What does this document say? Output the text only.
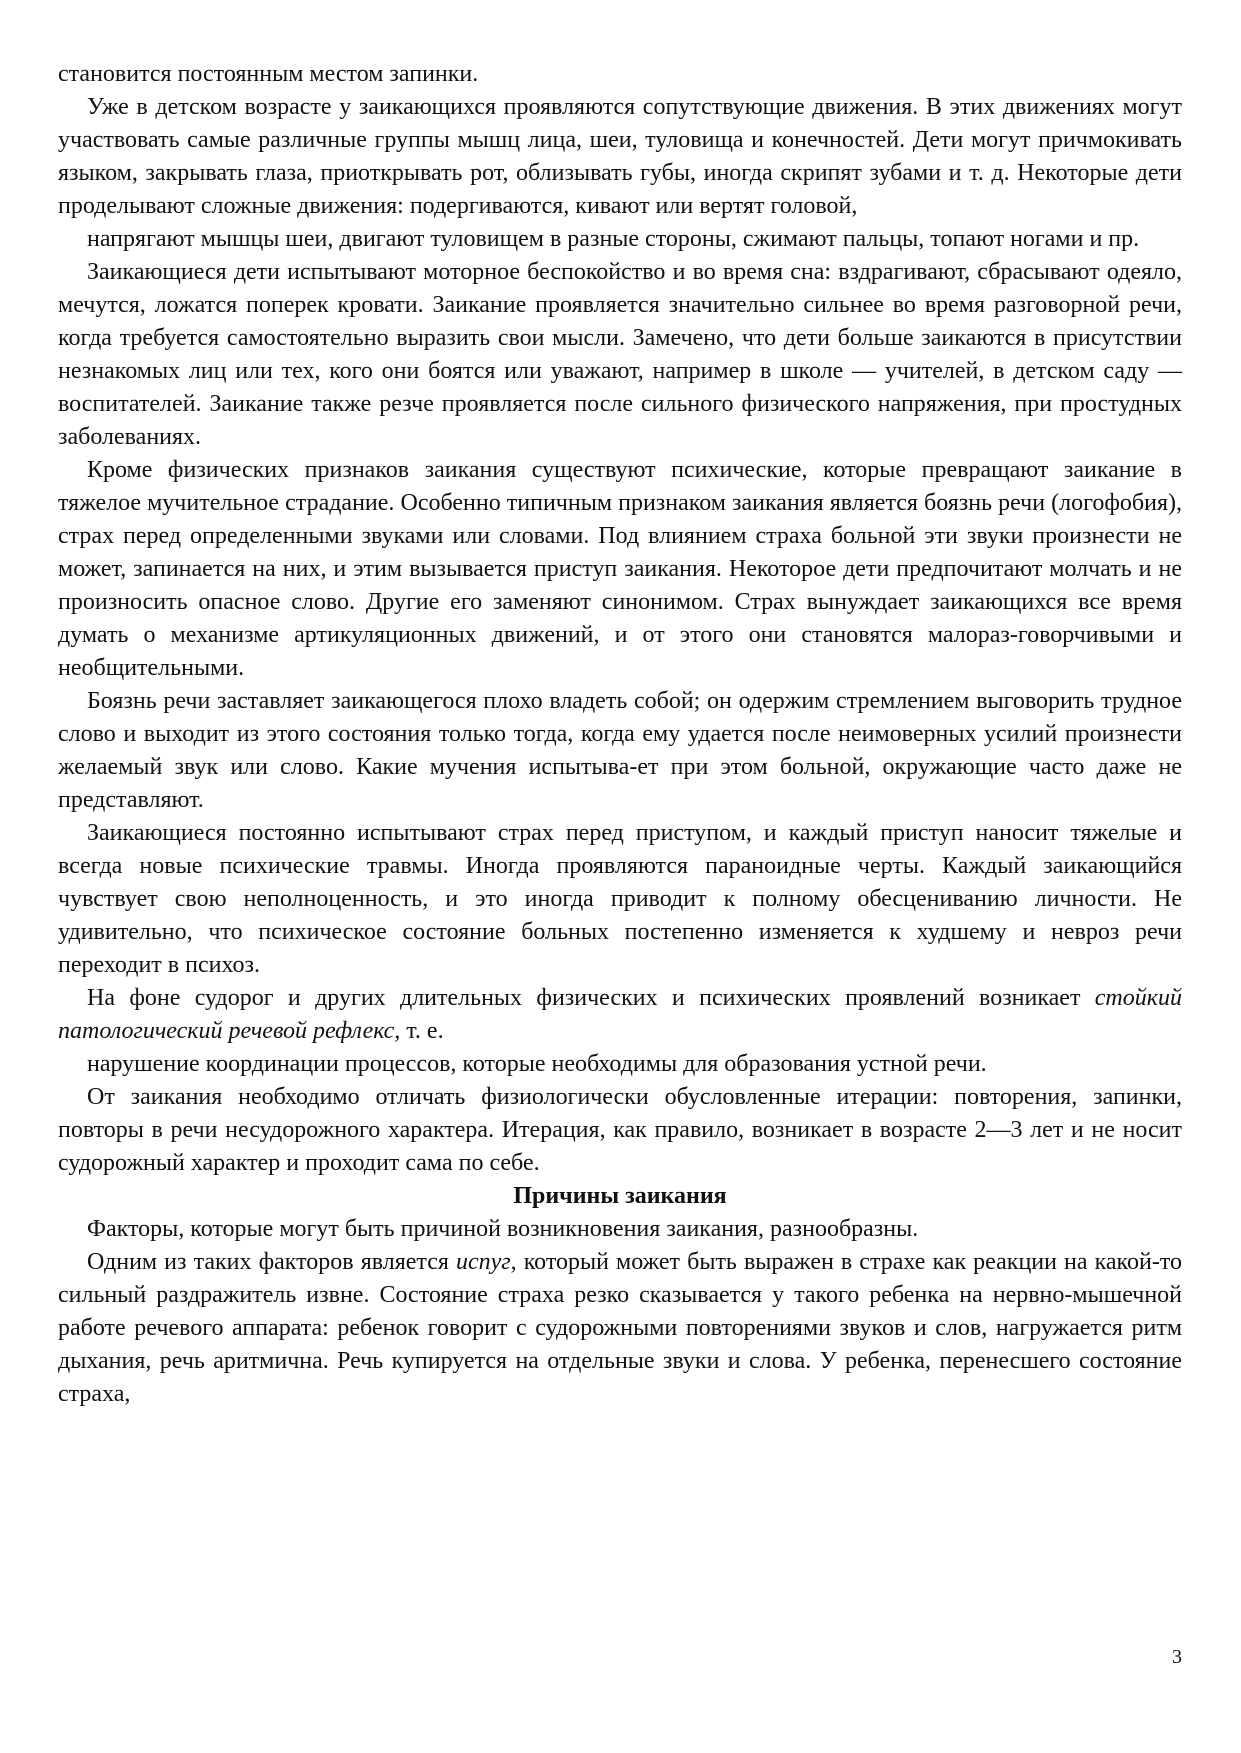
становится постоянным местом запинки.

Уже в детском возрасте у заикающихся проявляются сопутствующие движения. В этих движениях могут участвовать самые различные группы мышц лица, шеи, туловища и конечностей. Дети могут причмокивать языком, закрывать глаза, приоткрывать рот, облизывать губы, иногда скрипят зубами и т. д. Некоторые дети проделывают сложные движения: подергиваются, кивают или вертят головой,

напрягают мышцы шеи, двигают туловищем в разные стороны, сжимают пальцы, топают ногами и пр.

Заикающиеся дети испытывают моторное беспокойство и во время сна: вздрагивают, сбрасывают одеяло, мечутся, ложатся поперек кровати. Заикание проявляется значительно сильнее во время разговорной речи, когда требуется самостоятельно выразить свои мысли. Замечено, что дети больше заикаются в присутствии незнакомых лиц или тех, кого они боятся или уважают, например в школе — учителей, в детском саду — воспитателей. Заикание также резче проявляется после сильного физического напряжения, при простудных заболеваниях.

Кроме физических признаков заикания существуют психические, которые превращают заикание в тяжелое мучительное страдание. Особенно типичным признаком заикания является боязнь речи (логофобия), страх перед определенными звуками или словами. Под влиянием страха больной эти звуки произнести не может, запинается на них, и этим вызывается приступ заикания. Некоторое дети предпочитают молчать и не произносить опасное слово. Другие его заменяют синонимом. Страх вынуждает заикающихся все время думать о механизме артикуляционных движений, и от этого они становятся малораз-говорчивыми и необщительными.

Боязнь речи заставляет заикающегося плохо владеть собой; он одержим стремлением выговорить трудное слово и выходит из этого состояния только тогда, когда ему удается после неимоверных усилий произнести желаемый звук или слово. Какие мучения испытыва-ет при этом больной, окружающие часто даже не представляют.

Заикающиеся постоянно испытывают страх перед приступом, и каждый приступ наносит тяжелые и всегда новые психические травмы. Иногда проявляются параноидные черты. Каждый заикающийся чувствует свою неполноценность, и это иногда приводит к полному обесцениванию личности. Не удивительно, что психическое состояние больных постепенно изменяется к худшему и невроз речи переходит в психоз.

На фоне судорог и других длительных физических и психических проявлений возникает стойкий патологический речевой рефлекс, т. е.

нарушение координации процессов, которые необходимы для образования устной речи.

От заикания необходимо отличать физиологически обусловленные итерации: повторения, запинки, повторы в речи несудорожного характера. Итерация, как правило, возникает в возрасте 2—3 лет и не носит судорожный характер и проходит сама по себе.

Причины заикания

Факторы, которые могут быть причиной возникновения заикания, разнообразны.

Одним из таких факторов является испуг, который может быть выражен в страхе как реакции на какой-то сильный раздражитель извне. Состояние страха резко сказывается у такого ребенка на нервно-мышечной работе речевого аппарата: ребенок говорит с судорожными повторениями звуков и слов, нагружается ритм дыхания, речь аритмична. Речь купируется на отдельные звуки и слова. У ребенка, перенесшего состояние страха,

3
